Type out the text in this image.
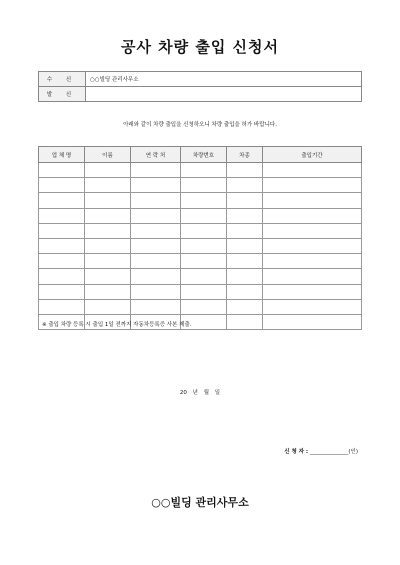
공사 차량 출입 신청서
수 신	○○빌딩 관리사무소
발 신	
아래와 같이 차량 출입을 신청하오니 차량 출입을 허가 바랍니다.
업 체 명	이름	연 락 처	차량번호	차종	출입기간

※ 출입 차량 등록 시 출입 1일 전까지 자동차등록증 사본 제출.
20 년 월 일
신 청 자 : ______________(인)
○○빌딩 관리사무소
